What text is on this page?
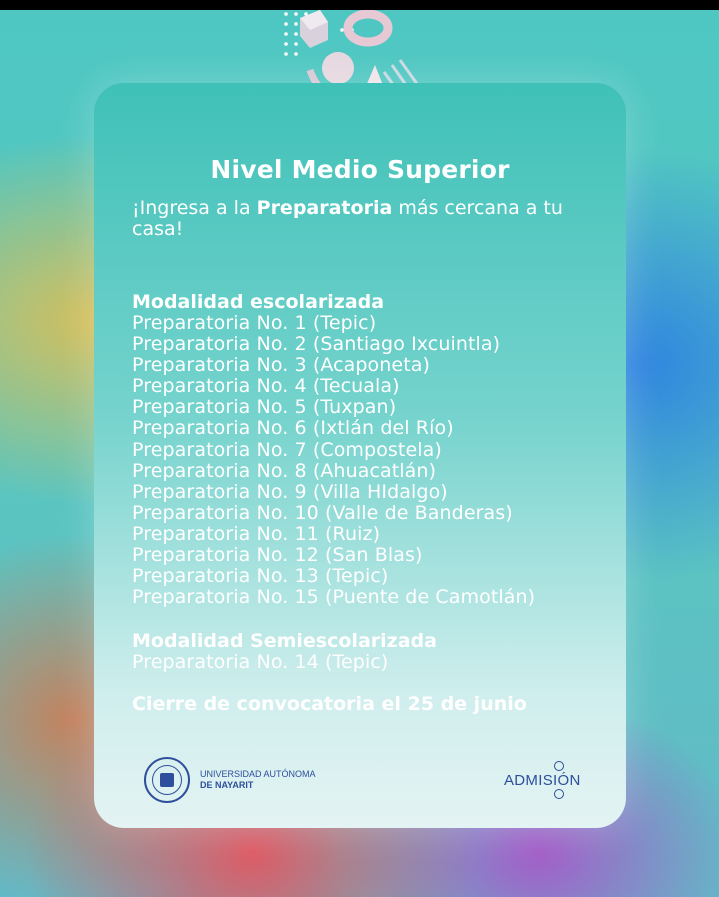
Nivel Medio Superior
¡Ingresa a la Preparatoria más cercana a tu casa!
Modalidad escolarizada
Preparatoria No. 1 (Tepic)
Preparatoria No. 2 (Santiago Ixcuintla)
Preparatoria No. 3 (Acaponeta)
Preparatoria No. 4 (Tecuala)
Preparatoria No. 5 (Tuxpan)
Preparatoria No. 6 (Ixtlán del Río)
Preparatoria No. 7 (Compostela)
Preparatoria No. 8 (Ahuacatlán)
Preparatoria No. 9 (Villa HIdalgo)
Preparatoria No. 10 (Valle de Banderas)
Preparatoria No. 11 (Ruiz)
Preparatoria No. 12 (San Blas)
Preparatoria No. 13 (Tepic)
Preparatoria No. 15 (Puente de Camotlán)
Modalidad Semiescolarizada
Preparatoria No. 14 (Tepic)
Cierre de convocatoria el 25 de junio
UNIVERSIDAD AUTÓNOMA
DE NAYARIT	ADMISIÓN
